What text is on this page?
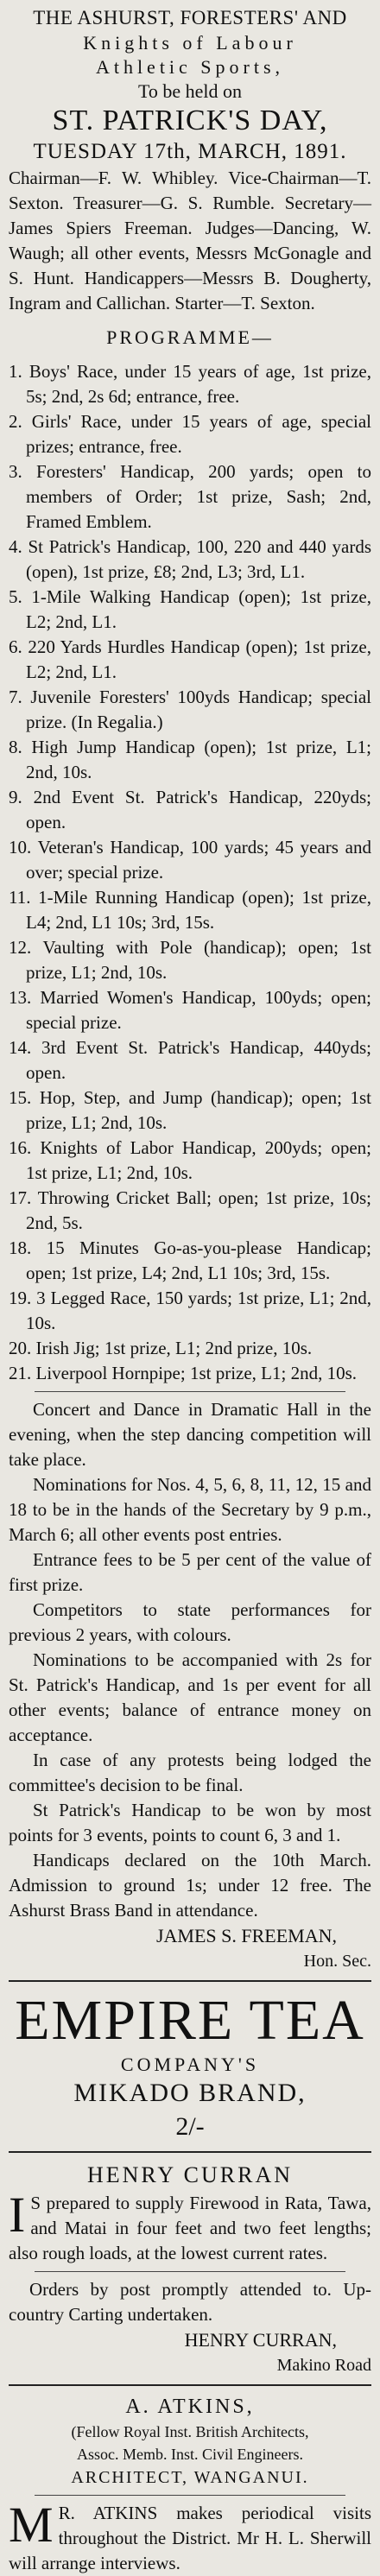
THE ASHURST, FORESTERS' AND
Knights of Labour
Athletic Sports,
To be held on
ST. PATRICK'S DAY,
TUESDAY 17th, MARCH, 1891.
Chairman—F. W. Whibley. Vice-Chairman—T. Sexton. Treasurer—G. S. Rumble. Secretary—James Spiers Freeman. Judges—Dancing, W. Waugh; all other events, Messrs McGonagle and S. Hunt. Handicappers—Messrs B. Dougherty, Ingram and Callichan. Starter—T. Sexton.
PROGRAMME—
1. Boys' Race, under 15 years of age, 1st prize, 5s; 2nd, 2s 6d; entrance, free.
2. Girls' Race, under 15 years of age, special prizes; entrance, free.
3. Foresters' Handicap, 200 yards; open to members of Order; 1st prize, Sash; 2nd, Framed Emblem.
4. St Patrick's Handicap, 100, 220 and 440 yards (open), 1st prize, £8; 2nd, L3; 3rd, L1.
5. 1-Mile Walking Handicap (open); 1st prize, L2; 2nd, L1.
6. 220 Yards Hurdles Handicap (open); 1st prize, L2; 2nd, L1.
7. Juvenile Foresters' 100yds Handicap; special prize. (In Regalia.)
8. High Jump Handicap (open); 1st prize, L1; 2nd, 10s.
9. 2nd Event St. Patrick's Handicap, 220yds; open.
10. Veteran's Handicap, 100 yards; 45 years and over; special prize.
11. 1-Mile Running Handicap (open); 1st prize, L4; 2nd, L1 10s; 3rd, 15s.
12. Vaulting with Pole (handicap); open; 1st prize, L1; 2nd, 10s.
13. Married Women's Handicap, 100yds; open; special prize.
14. 3rd Event St. Patrick's Handicap, 440yds; open.
15. Hop, Step, and Jump (handicap); open; 1st prize, L1; 2nd, 10s.
16. Knights of Labor Handicap, 200yds; open; 1st prize, L1; 2nd, 10s.
17. Throwing Cricket Ball; open; 1st prize, 10s; 2nd, 5s.
18. 15 Minutes Go-as-you-please Handicap; open; 1st prize, L4; 2nd, L1 10s; 3rd, 15s.
19. 3 Legged Race, 150 yards; 1st prize, L1; 2nd, 10s.
20. Irish Jig; 1st prize, L1; 2nd prize, 10s.
21. Liverpool Hornpipe; 1st prize, L1; 2nd, 10s.

Concert and Dance in Dramatic Hall in the evening, when the step dancing competition will take place.

Nominations for Nos. 4, 5, 6, 8, 11, 12, 15 and 18 to be in the hands of the Secretary by 9 p.m., March 6; all other events post entries.

Entrance fees to be 5 per cent of the value of first prize.

Competitors to state performances for previous 2 years, with colours.

Nominations to be accompanied with 2s for St. Patrick's Handicap, and 1s per event for all other events; balance of entrance money on acceptance.

In case of any protests being lodged the committee's decision to be final.

St Patrick's Handicap to be won by most points for 3 events, points to count 6, 3 and 1.

Handicaps declared on the 10th March. Admission to ground 1s; under 12 free. The Ashurst Brass Band in attendance.

JAMES S. FREEMAN,
Hon. Sec.
EMPIRE TEA
COMPANY'S
MIKADO BRAND,
2/-
HENRY CURRAN
I S prepared to supply Firewood in Rata, Tawa, and Matai in four feet and two feet lengths; also rough loads, at the lowest current rates.
Orders by post promptly attended to. Up-country Carting undertaken.
HENRY CURRAN,
Makino Road
A. ATKINS,
(Fellow Royal Inst. British Architects,
Assoc. Memb. Inst. Civil Engineers.
ARCHITECT, WANGANUI.
M R. ATKINS makes periodical visits throughout the District. Mr H. L. Sherwill will arrange interviews.
